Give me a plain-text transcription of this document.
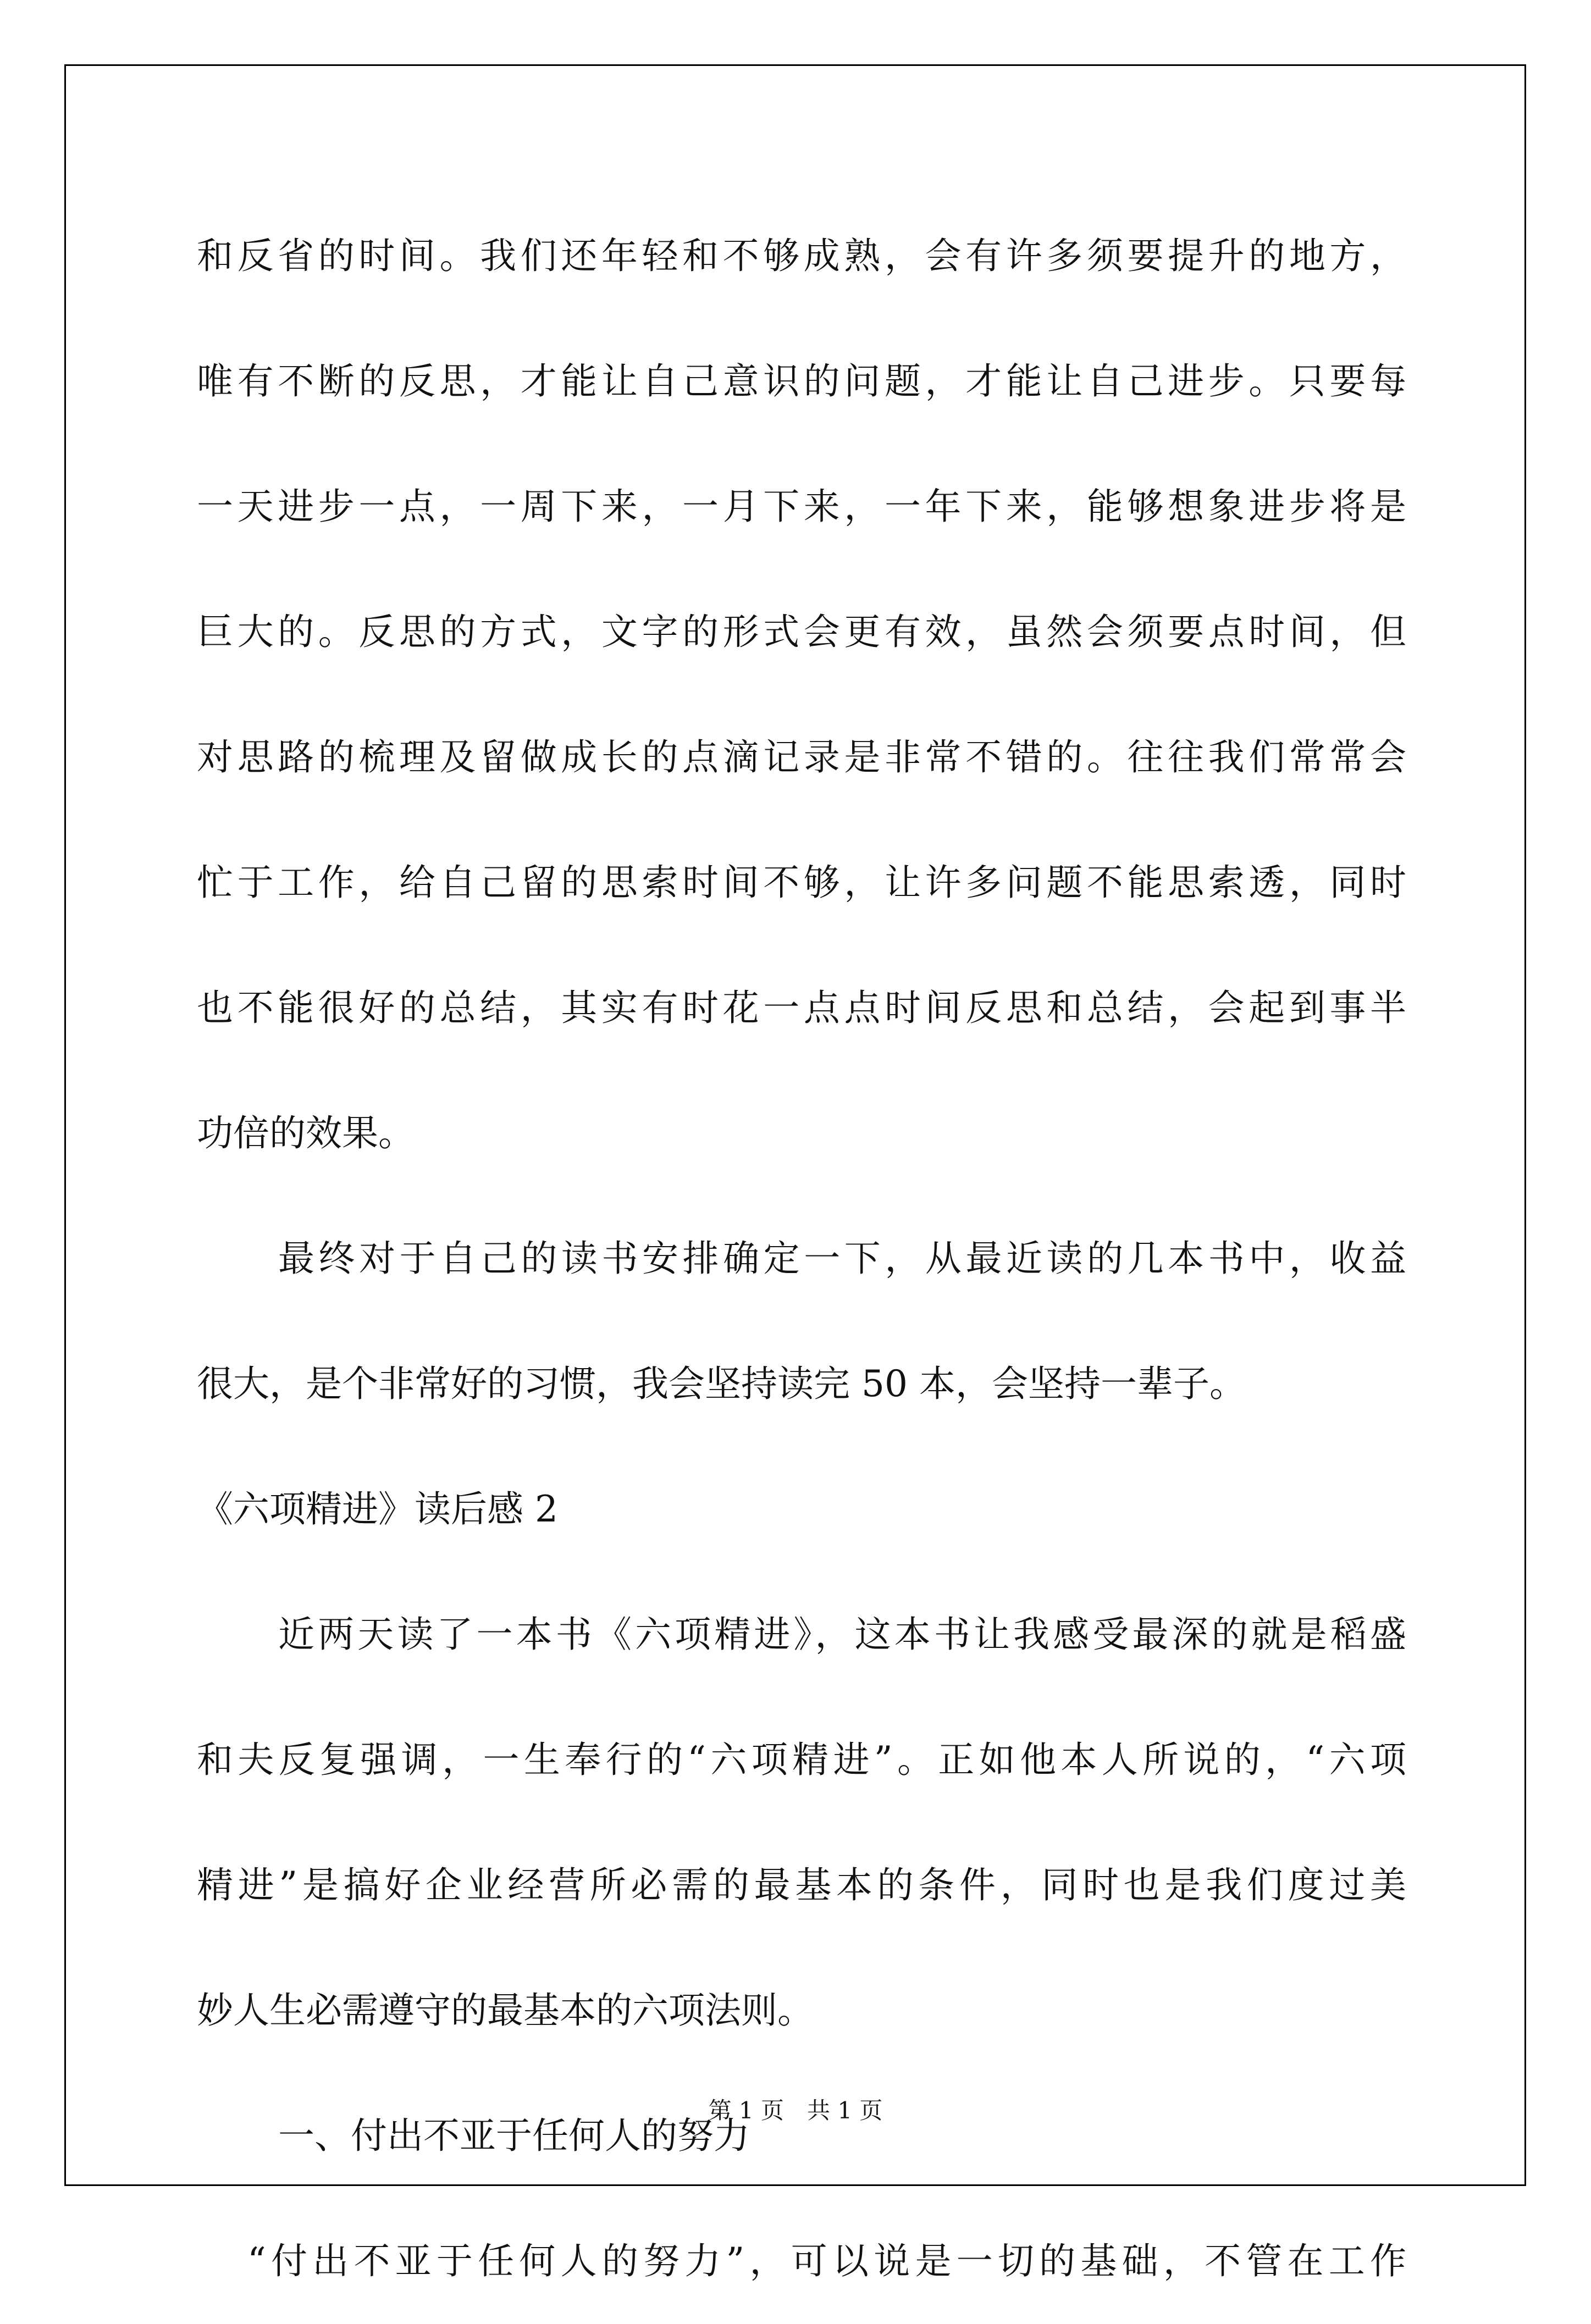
和反省的时间。我们还年轻和不够成熟，会有许多须要提升的地方，
唯有不断的反思，才能让自己意识的问题，才能让自己进步。只要每
一天进步一点，一周下来，一月下来，一年下来，能够想象进步将是
巨大的。反思的方式，文字的形式会更有效，虽然会须要点时间，但
对思路的梳理及留做成长的点滴记录是非常不错的。往往我们常常会
忙于工作，给自己留的思索时间不够，让许多问题不能思索透，同时
也不能很好的总结，其实有时花一点点时间反思和总结，会起到事半
功倍的效果。
最终对于自己的读书安排确定一下，从最近读的几本书中，收益
很大，是个非常好的习惯，我会坚持读完 50 本，会坚持一辈子。
《六项精进》读后感 2
近两天读了一本书《六项精进》，这本书让我感受最深的就是稻盛
和夫反复强调，一生奉行的“六项精进”。正如他本人所说的，“六项
精进”是搞好企业经营所必需的最基本的条件，同时也是我们度过美
妙人生必需遵守的最基本的六项法则。
一、付出不亚于任何人的努力
“付出不亚于任何人的努力”，可以说是一切的基础，不管在工作
第 1 页 共 1 页
